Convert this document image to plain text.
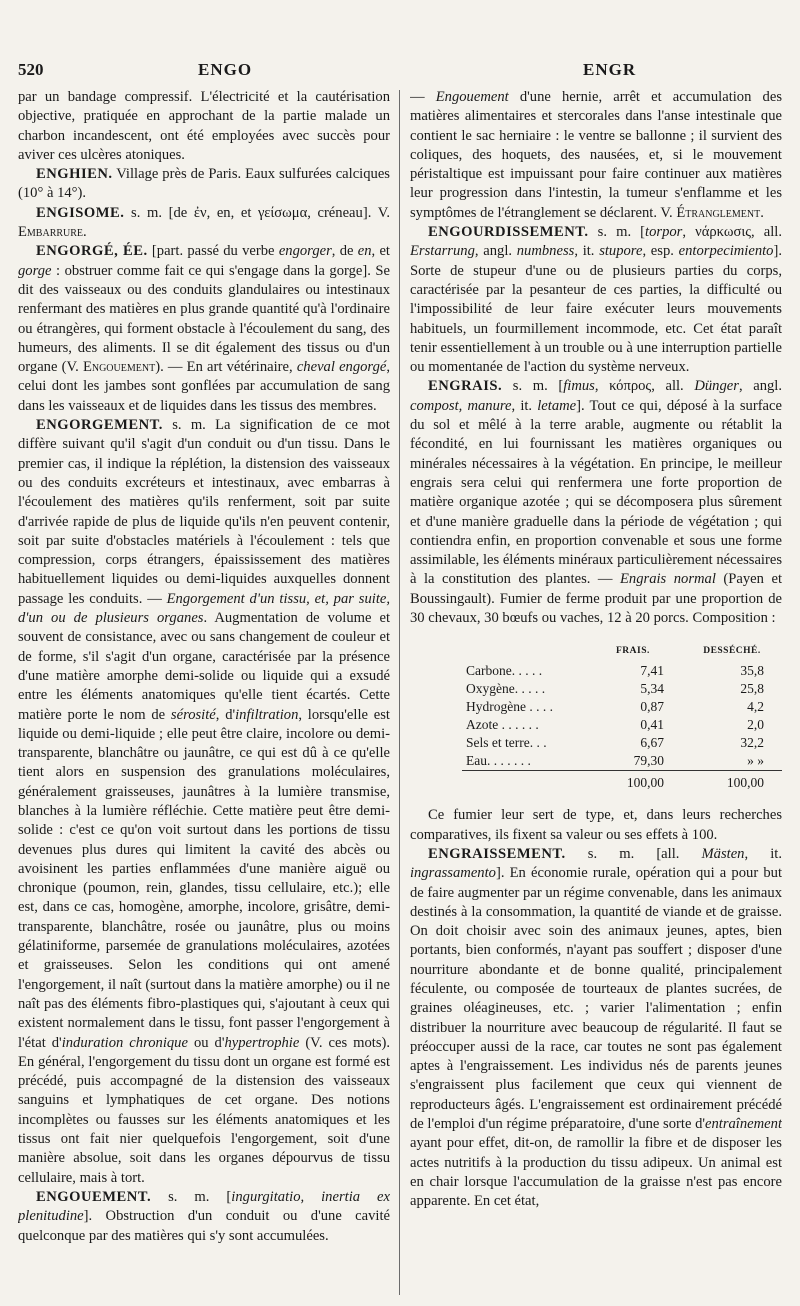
520	ENGO	ENGR

par un bandage compressif. L'électricité et la cautérisation objective, pratiquée en approchant de la partie malade un charbon incandescent, ont été employées avec succès pour aviver ces ulcères atoniques.

ENGHIEN. Village près de Paris. Eaux sulfurées calciques (10° à 14°).

ENGISOME. s. m. [de ἐν, en, et γείσωμα, créneau]. V. Embarrure.

ENGORGÉ, ÉE. [part. passé du verbe engorger, de en, et gorge : obstruer comme fait ce qui s'engage dans la gorge]. Se dit des vaisseaux ou des conduits glandulaires ou intestinaux renfermant des matières en plus grande quantité qu'à l'ordinaire ou étrangères, qui forment obstacle à l'écoulement du sang, des humeurs, des aliments. Il se dit également des tissus ou d'un organe (V. Engouement). — En art vétérinaire, cheval engorgé, celui dont les jambes sont gonflées par accumulation de sang dans les vaisseaux et de liquides dans les tissus des membres.

ENGORGEMENT. s. m. La signification de ce mot diffère suivant qu'il s'agit d'un conduit ou d'un tissu. Dans le premier cas, il indique la réplétion, la distension des vaisseaux ou des conduits excréteurs et intestinaux, avec embarras à l'écoulement des matières qu'ils renferment, soit par suite d'arrivée rapide de plus de liquide qu'ils n'en peuvent contenir, soit par suite d'obstacles matériels à l'écoulement : tels que compression, corps étrangers, épaississement des matières habituellement liquides ou demi-liquides auxquelles donnent passage les conduits. — Engorgement d'un tissu, et, par suite, d'un ou de plusieurs organes. Augmentation de volume et souvent de consistance, avec ou sans changement de couleur et de forme, s'il s'agit d'un organe, caractérisée par la présence d'une matière amorphe demi-solide ou liquide qui a exsudé entre les éléments anatomiques qu'elle tient écartés. Cette matière porte le nom de sérosité, d'infiltration, lorsqu'elle est liquide ou demi-liquide ; elle peut être claire, incolore ou demi-transparente, blanchâtre ou jaunâtre, ce qui est dû à ce qu'elle tient alors en suspension des granulations moléculaires, généralement graisseuses, jaunâtres à la lumière transmise, blanches à la lumière réfléchie. Cette matière peut être demi-solide : c'est ce qu'on voit surtout dans les portions de tissu devenues plus dures qui limitent la cavité des abcès ou avoisinent les parties enflammées d'une manière aiguë ou chronique (poumon, rein, glandes, tissu cellulaire, etc.); elle est, dans ce cas, homogène, amorphe, incolore, grisâtre, demi-transparente, blanchâtre, rosée ou jaunâtre, plus ou moins gélatiniforme, parsemée de granulations moléculaires, azotées et graisseuses. Selon les conditions qui ont amené l'engorgement, il naît (surtout dans la matière amorphe) ou il ne naît pas des éléments fibro-plastiques qui, s'ajoutant à ceux qui existent normalement dans le tissu, font passer l'engorgement à l'état d'induration chronique ou d'hypertrophie (V. ces mots). En général, l'engorgement du tissu dont un organe est formé est précédé, puis accompagné de la distension des vaisseaux sanguins et lymphatiques de cet organe. Des notions incomplètes ou fausses sur les éléments anatomiques et les tissus ont fait nier quelquefois l'engorgement, soit d'une manière absolue, soit dans les organes dépourvus de tissu cellulaire, mais à tort.

ENGOUEMENT. s. m. [ingurgitatio, inertia ex plenitudine]. Obstruction d'un conduit ou d'une cavité quelconque par des matières qui s'y sont accumulées.

— Engouement d'une hernie, arrêt et accumulation des matières alimentaires et stercorales dans l'anse intestinale que contient le sac herniaire : le ventre se ballonne ; il survient des coliques, des hoquets, des nausées, et, si le mouvement péristaltique est impuissant pour faire continuer aux matières leur progression dans l'intestin, la tumeur s'enflamme et les symptômes de l'étranglement se déclarent. V. Étranglement.

ENGOURDISSEMENT. s. m. [torpor, νάρκωσις, all. Erstarrung, angl. numbness, it. stupore, esp. entorpecimiento]. Sorte de stupeur d'une ou de plusieurs parties du corps, caractérisée par la pesanteur de ces parties, la difficulté ou l'impossibilité de leur faire exécuter leurs mouvements habituels, un fourmillement incommode, etc. Cet état paraît tenir essentiellement à un trouble ou à une interruption partielle ou momentanée de l'action du système nerveux.

ENGRAIS. s. m. [fimus, κόπρος, all. Dünger, angl. compost, manure, it. letame]. Tout ce qui, déposé à la surface du sol et mêlé à la terre arable, augmente ou rétablit la fécondité, en lui fournissant les matières organiques ou minérales nécessaires à la végétation. En principe, le meilleur engrais sera celui qui renfermera une forte proportion de matière organique azotée ; qui se décomposera plus sûrement et d'une manière graduelle dans la période de végétation ; qui contiendra enfin, en proportion convenable et sous une forme assimilable, les éléments minéraux particulièrement nécessaires à la constitution des plantes. — Engrais normal (Payen et Boussingault). Fumier de ferme produit par une proportion de 30 chevaux, 30 bœufs ou vaches, 12 à 20 porcs. Composition :

	FRAIS.	DESSÉCHÉ.
Carbone. . . . .	7,41	35,8
Oxygène. . . . .	5,34	25,8
Hydrogène . . . .	0,87	4,2
Azote . . . . . .	0,41	2,0
Sels et terre. . .	6,67	32,2
Eau. . . . . . .	79,30	» »
	100,00	100,00

Ce fumier leur sert de type, et, dans leurs recherches comparatives, ils fixent sa valeur ou ses effets à 100.

ENGRAISSEMENT. s. m. [all. Mästen, it. ingrassamento]. En économie rurale, opération qui a pour but de faire augmenter par un régime convenable, dans les animaux destinés à la consommation, la quantité de viande et de graisse. On doit choisir avec soin des animaux jeunes, aptes, bien portants, bien conformés, n'ayant pas souffert ; disposer d'une nourriture abondante et de bonne qualité, principalement féculente, ou composée de tourteaux de plantes sucrées, de graines oléagineuses, etc. ; varier l'alimentation ; enfin distribuer la nourriture avec beaucoup de régularité. Il faut se préoccuper aussi de la race, car toutes ne sont pas également aptes à l'engraissement. Les individus nés de parents jeunes s'engraissent plus facilement que ceux qui viennent de reproducteurs âgés. L'engraissement est ordinairement précédé de l'emploi d'un régime préparatoire, d'une sorte d'entraînement ayant pour effet, dit-on, de ramollir la fibre et de disposer les actes nutritifs à la production du tissu adipeux. Un animal est en chair lorsque l'accumulation de la graisse n'est pas encore apparente. En cet état,
